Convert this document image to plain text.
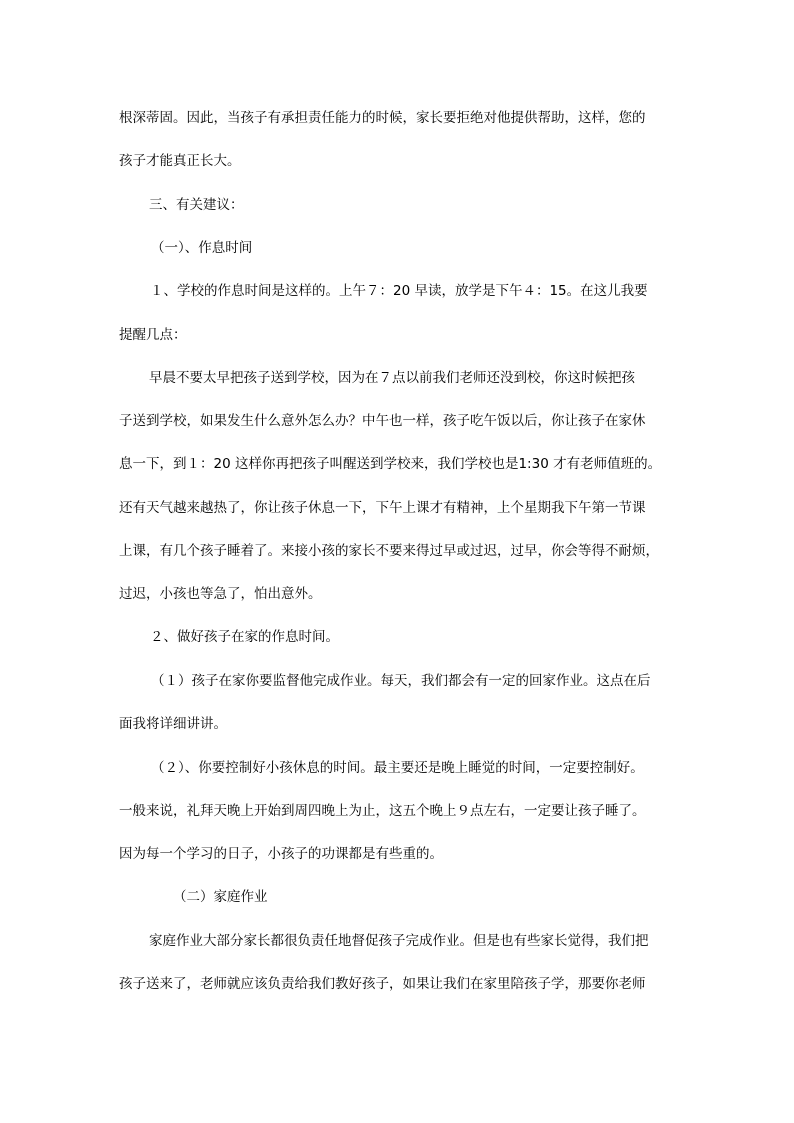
根深蒂固。因此，当孩子有承担责任能力的时候，家长要拒绝对他提供帮助，这样，您的
孩子才能真正长大。
三、有关建议：
（一）、作息时间
１、学校的作息时间是这样的。上午７：20 早读，放学是下午４：15。在这儿我要
提醒几点：
早晨不要太早把孩子送到学校，因为在７点以前我们老师还没到校，你这时候把孩
子送到学校，如果发生什么意外怎么办？中午也一样，孩子吃午饭以后，你让孩子在家休
息一下，到１：20 这样你再把孩子叫醒送到学校来，我们学校也是1:30 才有老师值班的。
还有天气越来越热了，你让孩子休息一下，下午上课才有精神，上个星期我下午第一节课
上课，有几个孩子睡着了。来接小孩的家长不要来得过早或过迟，过早，你会等得不耐烦，
过迟，小孩也等急了，怕出意外。
２、做好孩子在家的作息时间。
（１）孩子在家你要监督他完成作业。每天，我们都会有一定的回家作业。这点在后
面我将详细讲讲。
（２）、你要控制好小孩休息的时间。最主要还是晚上睡觉的时间，一定要控制好。
一般来说，礼拜天晚上开始到周四晚上为止，这五个晚上９点左右，一定要让孩子睡了。
因为每一个学习的日子，小孩子的功课都是有些重的。
（二）家庭作业
家庭作业大部分家长都很负责任地督促孩子完成作业。但是也有些家长觉得，我们把
孩子送来了，老师就应该负责给我们教好孩子，如果让我们在家里陪孩子学，那要你老师
